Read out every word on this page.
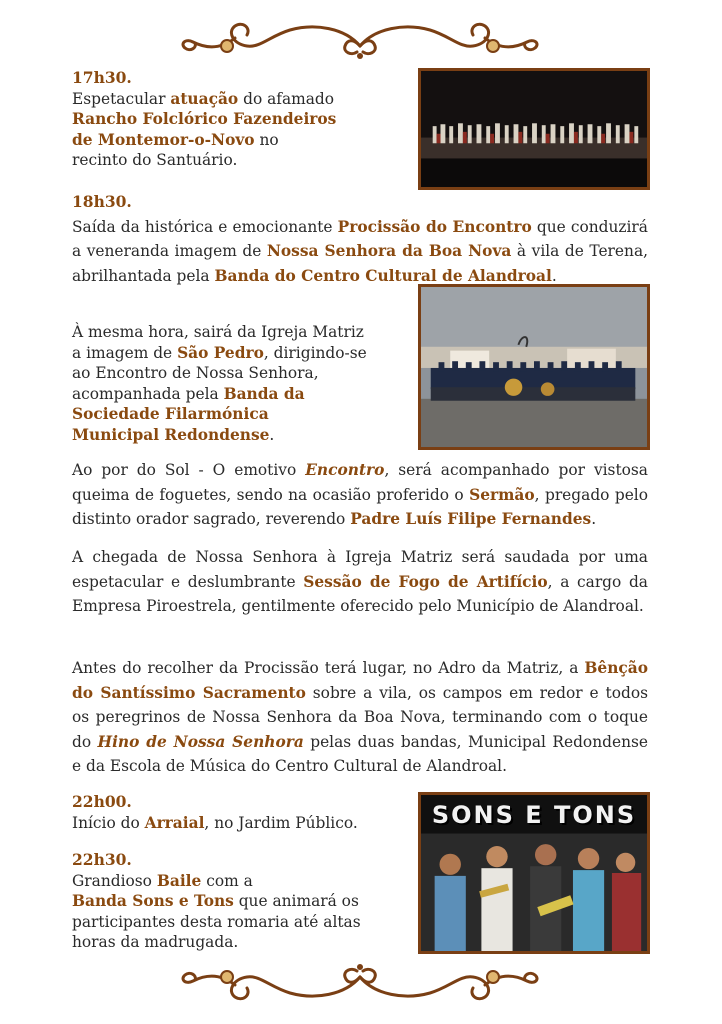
17h30.
Espetacular atuação do afamado
Rancho Folclórico Fazendeiros
de Montemor-o-Novo no
recinto do Santuário.
18h30.
Saída da histórica e emocionante Procissão do Encontro que conduzirá a veneranda imagem de Nossa Senhora da Boa Nova à vila de Terena, abrilhantada pela Banda do Centro Cultural de Alandroal.
À mesma hora, sairá da Igreja Matriz
a imagem de São Pedro, dirigindo-se
ao Encontro de Nossa Senhora,
acompanhada pela Banda da
Sociedade Filarmónica
Municipal Redondense.
Ao por do Sol - O emotivo Encontro, será acompanhado por vistosa queima de foguetes, sendo na ocasião proferido o Sermão, pregado pelo distinto orador sagrado, reverendo Padre Luís Filipe Fernandes.
A chegada de Nossa Senhora à Igreja Matriz será saudada por uma espetacular e deslumbrante Sessão de Fogo de Artifício, a cargo da Empresa Piroestrela, gentilmente oferecido pelo Município de Alandroal.
Antes do recolher da Procissão terá lugar, no Adro da Matriz, a Bênção do Santíssimo Sacramento sobre a vila, os campos em redor e todos os peregrinos de Nossa Senhora da Boa Nova, terminando com o toque do Hino de Nossa Senhora pelas duas bandas, Municipal Redondense e da Escola de Música do Centro Cultural de Alandroal.
22h00.
Início do Arraial, no Jardim Público.
22h30.
Grandioso Baile com a
Banda Sons e Tons que animará os
participantes desta romaria até altas
horas da madrugada.
SONS E TONS
